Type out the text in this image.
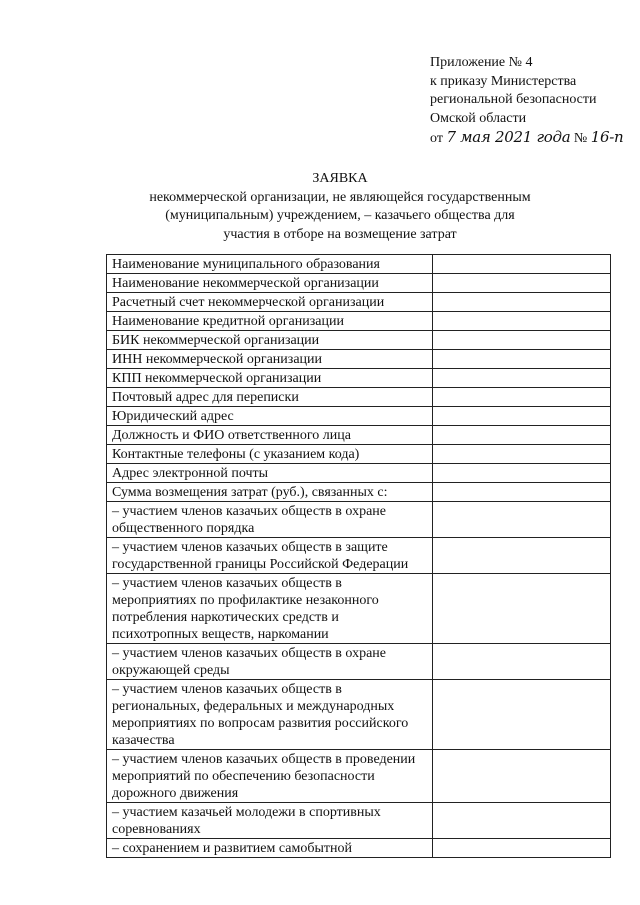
Приложение № 4
к приказу Министерства
региональной безопасности
Омской области
от 7 мая 2021 года № 16-п
ЗАЯВКА
некоммерческой организации, не являющейся государственным
(муниципальным) учреждением, – казачьего общества для
участия в отборе на возмещение затрат
Наименование муниципального образования	
Наименование некоммерческой организации	
Расчетный счет некоммерческой организации	
Наименование кредитной организации	
БИК некоммерческой организации	
ИНН некоммерческой организации	
КПП некоммерческой организации	
Почтовый адрес для переписки	
Юридический адрес	
Должность и ФИО ответственного лица	
Контактные телефоны (с указанием кода)	
Адрес электронной почты	
Сумма возмещения затрат (руб.), связанных с:	
– участием членов казачьих обществ в охране общественного порядка	
– участием членов казачьих обществ в защите государственной границы Российской Федерации	
– участием членов казачьих обществ в мероприятиях по профилактике незаконного потребления наркотических средств и психотропных веществ, наркомании	
– участием членов казачьих обществ в охране окружающей среды	
– участием членов казачьих обществ в региональных, федеральных и международных мероприятиях по вопросам развития российского казачества	
– участием членов казачьих обществ в проведении мероприятий по обеспечению безопасности дорожного движения	
– участием казачьей молодежи в спортивных соревнованиях	
– сохранением и развитием самобытной	
